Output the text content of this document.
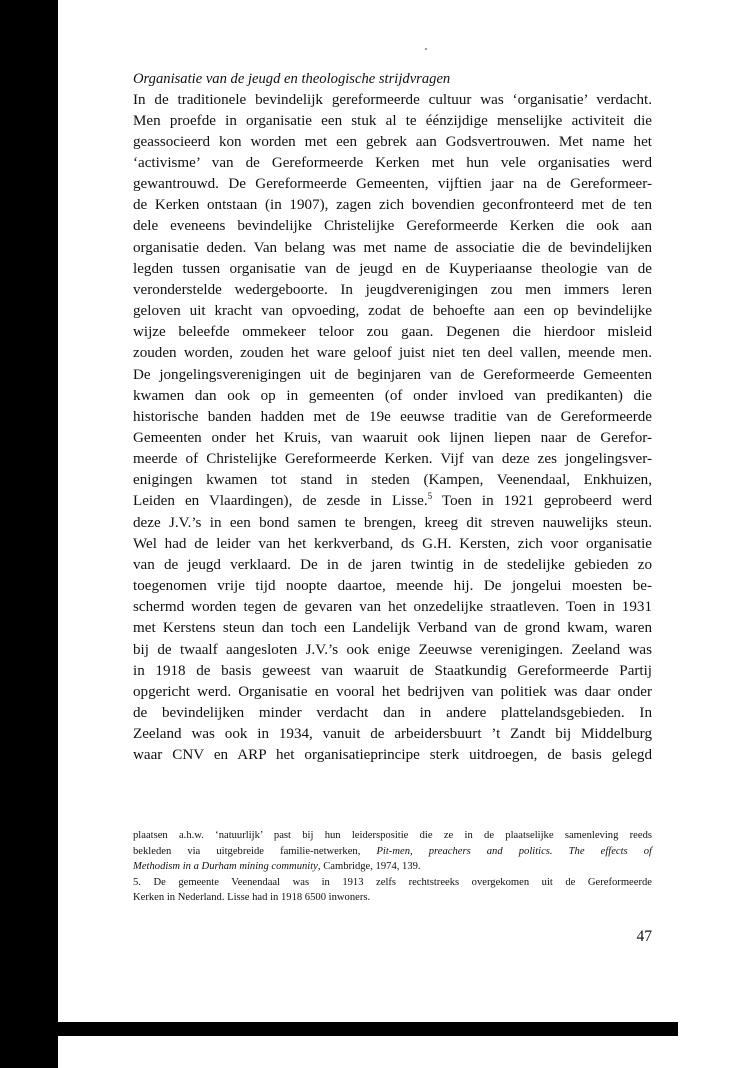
Organisatie van de jeugd en theologische strijdvragen

In de traditionele bevindelijk gereformeerde cultuur was ‘organisatie’ verdacht.
Men proefde in organisatie een stuk al te éénzijdige menselijke activiteit die
geassocieerd kon worden met een gebrek aan Godsvertrouwen. Met name het
‘activisme’ van de Gereformeerde Kerken met hun vele organisaties werd
gewantrouwd. De Gereformeerde Gemeenten, vijftien jaar na de Gereformeer-
de Kerken ontstaan (in 1907), zagen zich bovendien geconfronteerd met de ten
dele eveneens bevindelijke Christelijke Gereformeerde Kerken die ook aan
organisatie deden. Van belang was met name de associatie die de bevindelijken
legden tussen organisatie van de jeugd en de Kuyperiaanse theologie van de
veronderstelde wedergeboorte. In jeugdverenigingen zou men immers leren
geloven uit kracht van opvoeding, zodat de behoefte aan een op bevindelijke
wijze beleefde ommekeer teloor zou gaan. Degenen die hierdoor misleid
zouden worden, zouden het ware geloof juist niet ten deel vallen, meende men.
De jongelingsverenigingen uit de beginjaren van de Gereformeerde Gemeenten
kwamen dan ook op in gemeenten (of onder invloed van predikanten) die
historische banden hadden met de 19e eeuwse traditie van de Gereformeerde
Gemeenten onder het Kruis, van waaruit ook lijnen liepen naar de Gerefor-
meerde of Christelijke Gereformeerde Kerken. Vijf van deze zes jongelingsver-
enigingen kwamen tot stand in steden (Kampen, Veenendaal, Enkhuizen,
Leiden en Vlaardingen), de zesde in Lisse.$^5$ Toen in 1921 geprobeerd werd
deze J.V.’s in een bond samen te brengen, kreeg dit streven nauwelijks steun.
Wel had de leider van het kerkverband, ds G.H. Kersten, zich voor organisatie
van de jeugd verklaard. De in de jaren twintig in de stedelijke gebieden zo
toegenomen vrije tijd noopte daartoe, meende hij. De jongelui moesten be-
schermd worden tegen de gevaren van het onzedelijke straatleven. Toen in 1931
met Kerstens steun dan toch een Landelijk Verband van de grond kwam, waren
bij de twaalf aangesloten J.V.’s ook enige Zeeuwse verenigingen. Zeeland was
in 1918 de basis geweest van waaruit de Staatkundig Gereformeerde Partij
opgericht werd. Organisatie en vooral het bedrijven van politiek was daar onder
de bevindelijken minder verdacht dan in andere plattelandsgebieden. In
Zeeland was ook in 1934, vanuit de arbeidersbuurt ’t Zandt bij Middelburg
waar CNV en ARP het organisatieprincipe sterk uitdroegen, de basis gelegd
plaatsen a.h.w. ‘natuurlijk’ past bij hun leiderspositie die ze in de plaatselijke samenleving reeds
bekleden via uitgebreide familie-netwerken, Pit-men, preachers and politics. The effects of
Methodism in a Durham mining community, Cambridge, 1974, 139.
5. De gemeente Veenendaal was in 1913 zelfs rechtstreeks overgekomen uit de Gereformeerde
Kerken in Nederland. Lisse had in 1918 6500 inwoners.
47
